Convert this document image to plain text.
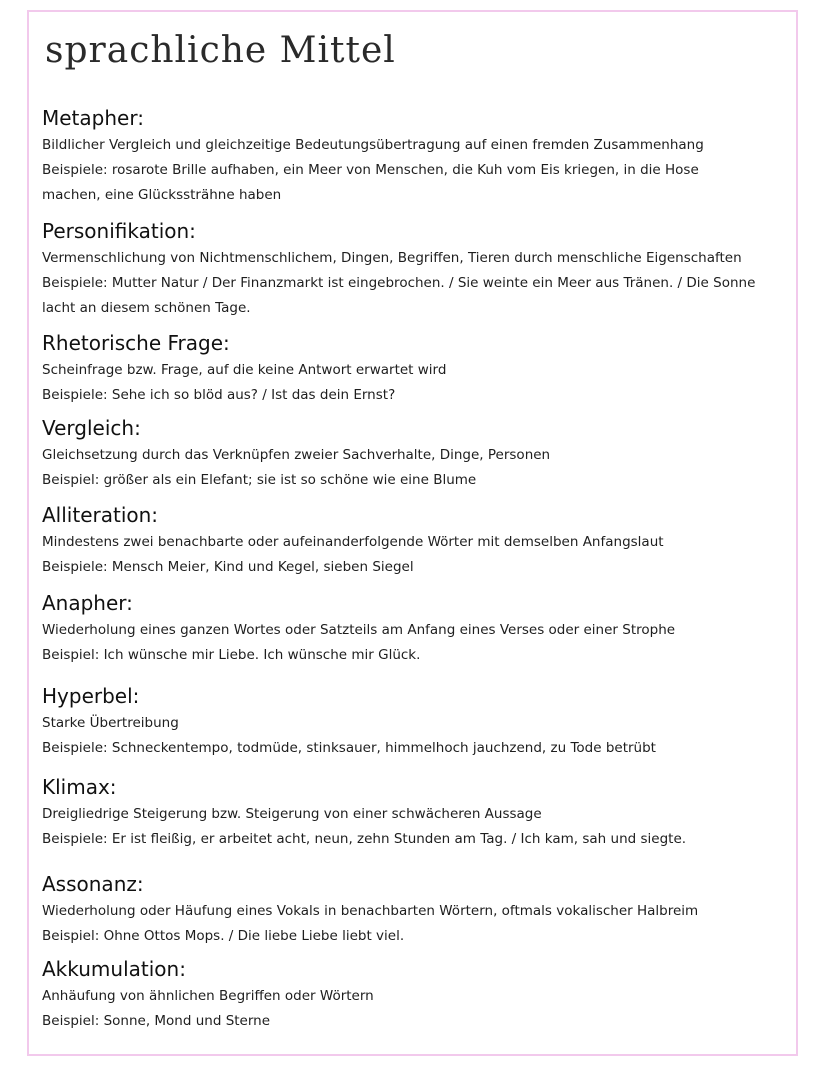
sprachliche Mittel
Metapher:

Bildlicher Vergleich und gleichzeitige Bedeutungsübertragung auf einen fremden Zusammenhang

Beispiele: rosarote Brille aufhaben, ein Meer von Menschen, die Kuh vom Eis kriegen, in die Hose machen, eine Glückssträhne haben

Personifikation:

Vermenschlichung von Nichtmenschlichem, Dingen, Begriffen, Tieren durch menschliche Eigenschaften

Beispiele: Mutter Natur / Der Finanzmarkt ist eingebrochen. / Sie weinte ein Meer aus Tränen. / Die Sonne lacht an diesem schönen Tage.

Rhetorische Frage:

Scheinfrage bzw. Frage, auf die keine Antwort erwartet wird

Beispiele: Sehe ich so blöd aus? / Ist das dein Ernst?

Vergleich:

Gleichsetzung durch das Verknüpfen zweier Sachverhalte, Dinge, Personen

Beispiel: größer als ein Elefant; sie ist so schöne wie eine Blume

Alliteration:

Mindestens zwei benachbarte oder aufeinanderfolgende Wörter mit demselben Anfangslaut

Beispiele: Mensch Meier, Kind und Kegel, sieben Siegel

Anapher:

Wiederholung eines ganzen Wortes oder Satzteils am Anfang eines Verses oder einer Strophe

Beispiel: Ich wünsche mir Liebe. Ich wünsche mir Glück.

Hyperbel:

Starke Übertreibung

Beispiele: Schneckentempo, todmüde, stinksauer, himmelhoch jauchzend, zu Tode betrübt

Klimax:

Dreigliedrige Steigerung bzw. Steigerung von einer schwächeren Aussage

Beispiele: Er ist fleißig, er arbeitet acht, neun, zehn Stunden am Tag. / Ich kam, sah und siegte.

Assonanz:

Wiederholung oder Häufung eines Vokals in benachbarten Wörtern, oftmals vokalischer Halbreim

Beispiel: Ohne Ottos Mops. / Die liebe Liebe liebt viel.

Akkumulation:

Anhäufung von ähnlichen Begriffen oder Wörtern

Beispiel: Sonne, Mond und Sterne
